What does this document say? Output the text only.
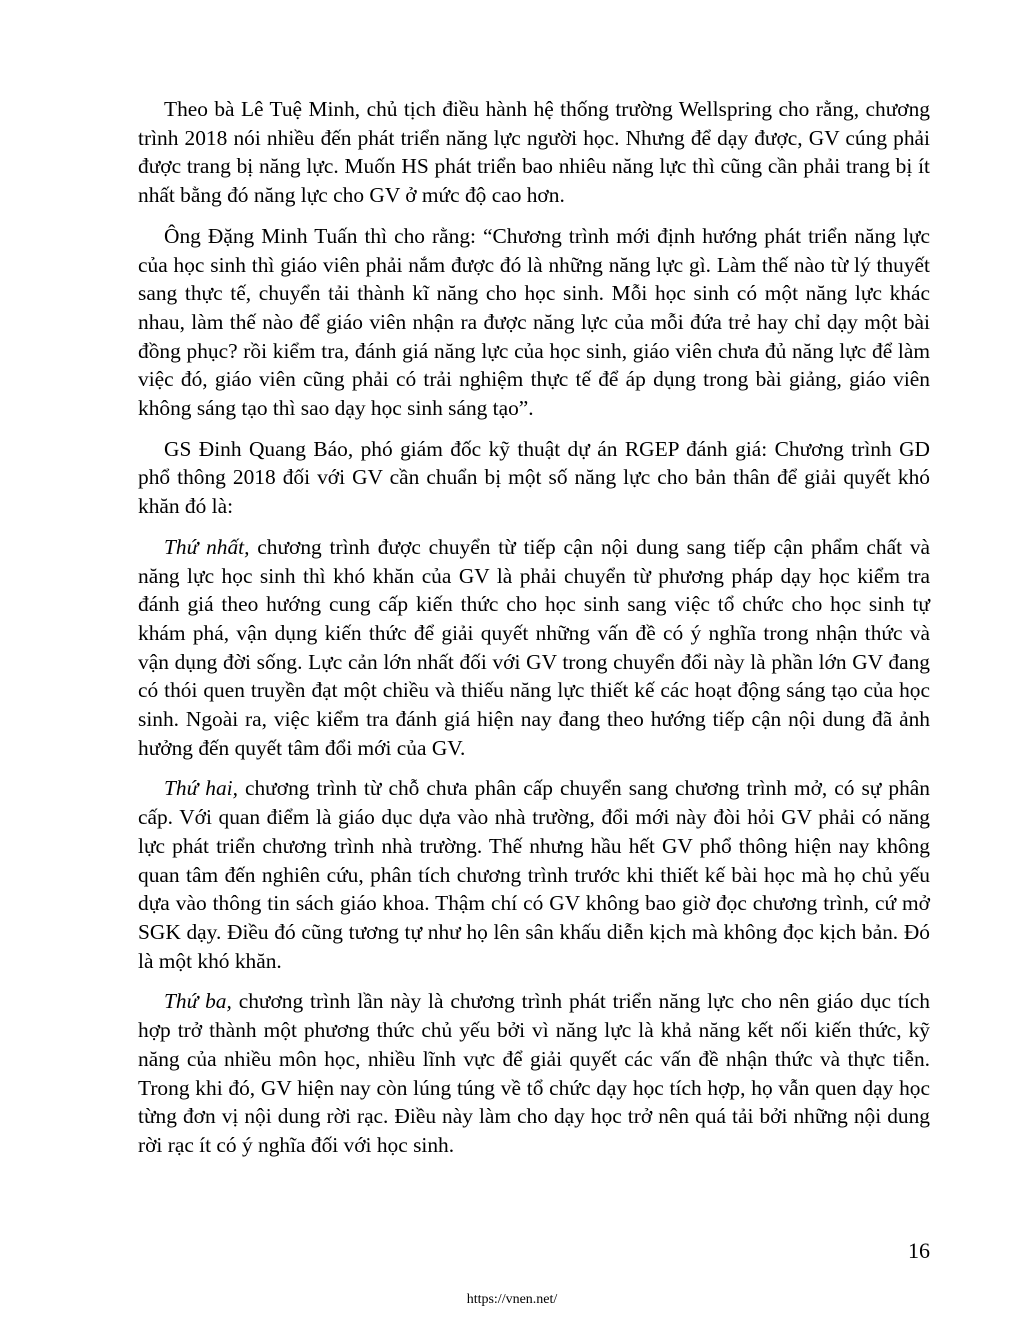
Theo bà Lê Tuệ Minh, chủ tịch điều hành hệ thống trường Wellspring cho rằng, chương trình 2018 nói nhiều đến phát triển năng lực người học. Nhưng để dạy được, GV cúng phải được trang bị năng lực. Muốn HS phát triển bao nhiêu năng lực thì cũng cần phải trang bị ít nhất bằng đó năng lực cho GV ở mức độ cao hơn.

Ông Đặng Minh Tuấn thì cho rằng: “Chương trình mới định hướng phát triển năng lực của học sinh thì giáo viên phải nắm được đó là những năng lực gì. Làm thế nào từ lý thuyết sang thực tế, chuyển tải thành kĩ năng cho học sinh. Mỗi học sinh có một năng lực khác nhau, làm thế nào để giáo viên nhận ra được năng lực của mỗi đứa trẻ hay chỉ dạy một bài đồng phục? rồi kiểm tra, đánh giá năng lực của học sinh, giáo viên chưa đủ năng lực để làm việc đó, giáo viên cũng phải có trải nghiệm thực tế để áp dụng trong bài giảng, giáo viên không sáng tạo thì sao dạy học sinh sáng tạo”.

GS Đinh Quang Báo, phó giám đốc kỹ thuật dự án RGEP đánh giá: Chương trình GD phổ thông 2018 đối với GV cần chuẩn bị một số năng lực cho bản thân để giải quyết khó khăn đó là:

Thứ nhất, chương trình được chuyển từ tiếp cận nội dung sang tiếp cận phẩm chất và năng lực học sinh thì khó khăn của GV là phải chuyển từ phương pháp dạy học kiểm tra đánh giá theo hướng cung cấp kiến thức cho học sinh sang việc tổ chức cho học sinh tự khám phá, vận dụng kiến thức để giải quyết những vấn đề có ý nghĩa trong nhận thức và vận dụng đời sống. Lực cản lớn nhất đối với GV trong chuyển đổi này là phần lớn GV đang có thói quen truyền đạt một chiều và thiếu năng lực thiết kế các hoạt động sáng tạo của học sinh. Ngoài ra, việc kiểm tra đánh giá hiện nay đang theo hướng tiếp cận nội dung đã ảnh hưởng đến quyết tâm đổi mới của GV.

Thứ hai, chương trình từ chỗ chưa phân cấp chuyển sang chương trình mở, có sự phân cấp. Với quan điểm là giáo dục dựa vào nhà trường, đổi mới này đòi hỏi GV phải có năng lực phát triển chương trình nhà trường. Thế nhưng hầu hết GV phổ thông hiện nay không quan tâm đến nghiên cứu, phân tích chương trình trước khi thiết kế bài học mà họ chủ yếu dựa vào thông tin sách giáo khoa. Thậm chí có GV không bao giờ đọc chương trình, cứ mở SGK dạy. Điều đó cũng tương tự như họ lên sân khấu diễn kịch mà không đọc kịch bản. Đó là một khó khăn.

Thứ ba, chương trình lần này là chương trình phát triển năng lực cho nên giáo dục tích hợp trở thành một phương thức chủ yếu bởi vì năng lực là khả năng kết nối kiến thức, kỹ năng của nhiều môn học, nhiều lĩnh vực để giải quyết các vấn đề nhận thức và thực tiễn. Trong khi đó, GV hiện nay còn lúng túng về tổ chức dạy học tích hợp, họ vẫn quen dạy học từng đơn vị nội dung rời rạc. Điều này làm cho dạy học trở nên quá tải bởi những nội dung rời rạc ít có ý nghĩa đối với học sinh.

16
https://vnen.net/
